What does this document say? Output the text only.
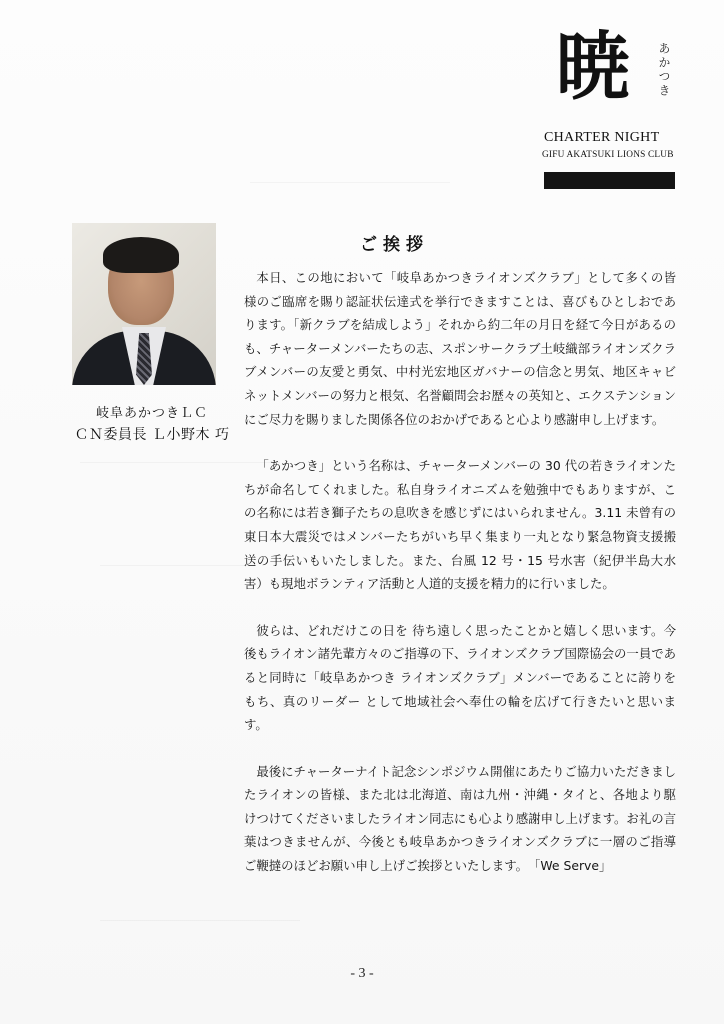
暁 あかつき
CHARTER NIGHT
GIFU AKATSUKI LIONS CLUB
岐阜あかつきＬＣ
ＣＮ委員長 Ｌ小野木 巧
ご挨拶

本日、この地において「岐阜あかつきライオンズクラブ」として多くの皆様のご臨席を賜り認証状伝達式を挙行できますことは、喜びもひとしおであります。「新クラブを結成しよう」それから約二年の月日を経て今日があるのも、チャーターメンバーたちの志、スポンサークラブ土岐織部ライオンズクラブメンバーの友愛と勇気、中村光宏地区ガバナーの信念と男気、地区キャビネットメンバーの努力と根気、名誉顧問会お歴々の英知と、エクステンションにご尽力を賜りました関係各位のおかげであると心より感謝申し上げます。

「あかつき」という名称は、チャーターメンバーの 30 代の若きライオンたちが命名してくれました。私自身ライオニズムを勉強中でもありますが、この名称には若き獅子たちの息吹きを感じずにはいられません。3.11 未曾有の東日本大震災ではメンバーたちがいち早く集まり一丸となり緊急物資支援搬送の手伝いもいたしました。また、台風 12 号・15 号水害（紀伊半島大水害）も現地ボランティア活動と人道的支援を精力的に行いました。

彼らは、どれだけこの日を 待ち遠しく思ったことかと嬉しく思います。今後もライオン諸先輩方々のご指導の下、ライオンズクラブ国際協会の一員であると同時に「岐阜あかつき ライオンズクラブ」メンバーであることに誇りをもち、真のリーダー として地域社会へ奉仕の輪を広げて行きたいと思います。

最後にチャーターナイト記念シンポジウム開催にあたりご協力いただきましたライオンの皆様、また北は北海道、南は九州・沖縄・タイと、各地より駆けつけてくださいましたライオン同志にも心より感謝申し上げます。お礼の言葉はつきませんが、今後とも岐阜あかつきライオンズクラブに一層のご指導ご鞭撻のほどお願い申し上げご挨拶といたします。　「We Serve」

- 3 -
